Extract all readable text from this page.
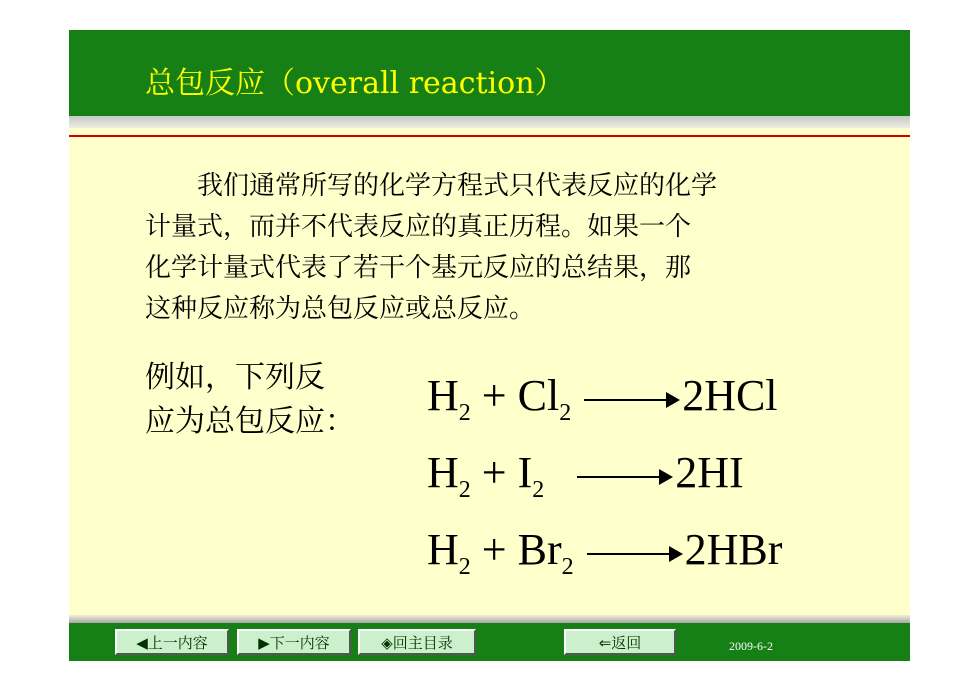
总包反应（overall reaction）
　　我们通常所写的化学方程式只代表反应的化学
计量式，而并不代表反应的真正历程。如果一个
化学计量式代表了若干个基元反应的总结果，那
这种反应称为总包反应或总反应。
例如，下列反
应为总包反应：
$H_2 + Cl_2$	2HCl
$H_2 + I_2$	2HI
$H_2 + Br_2$	2HBr
◀上一内容	▶下一内容	◈回主目录	⇐返回	2009-6-2
